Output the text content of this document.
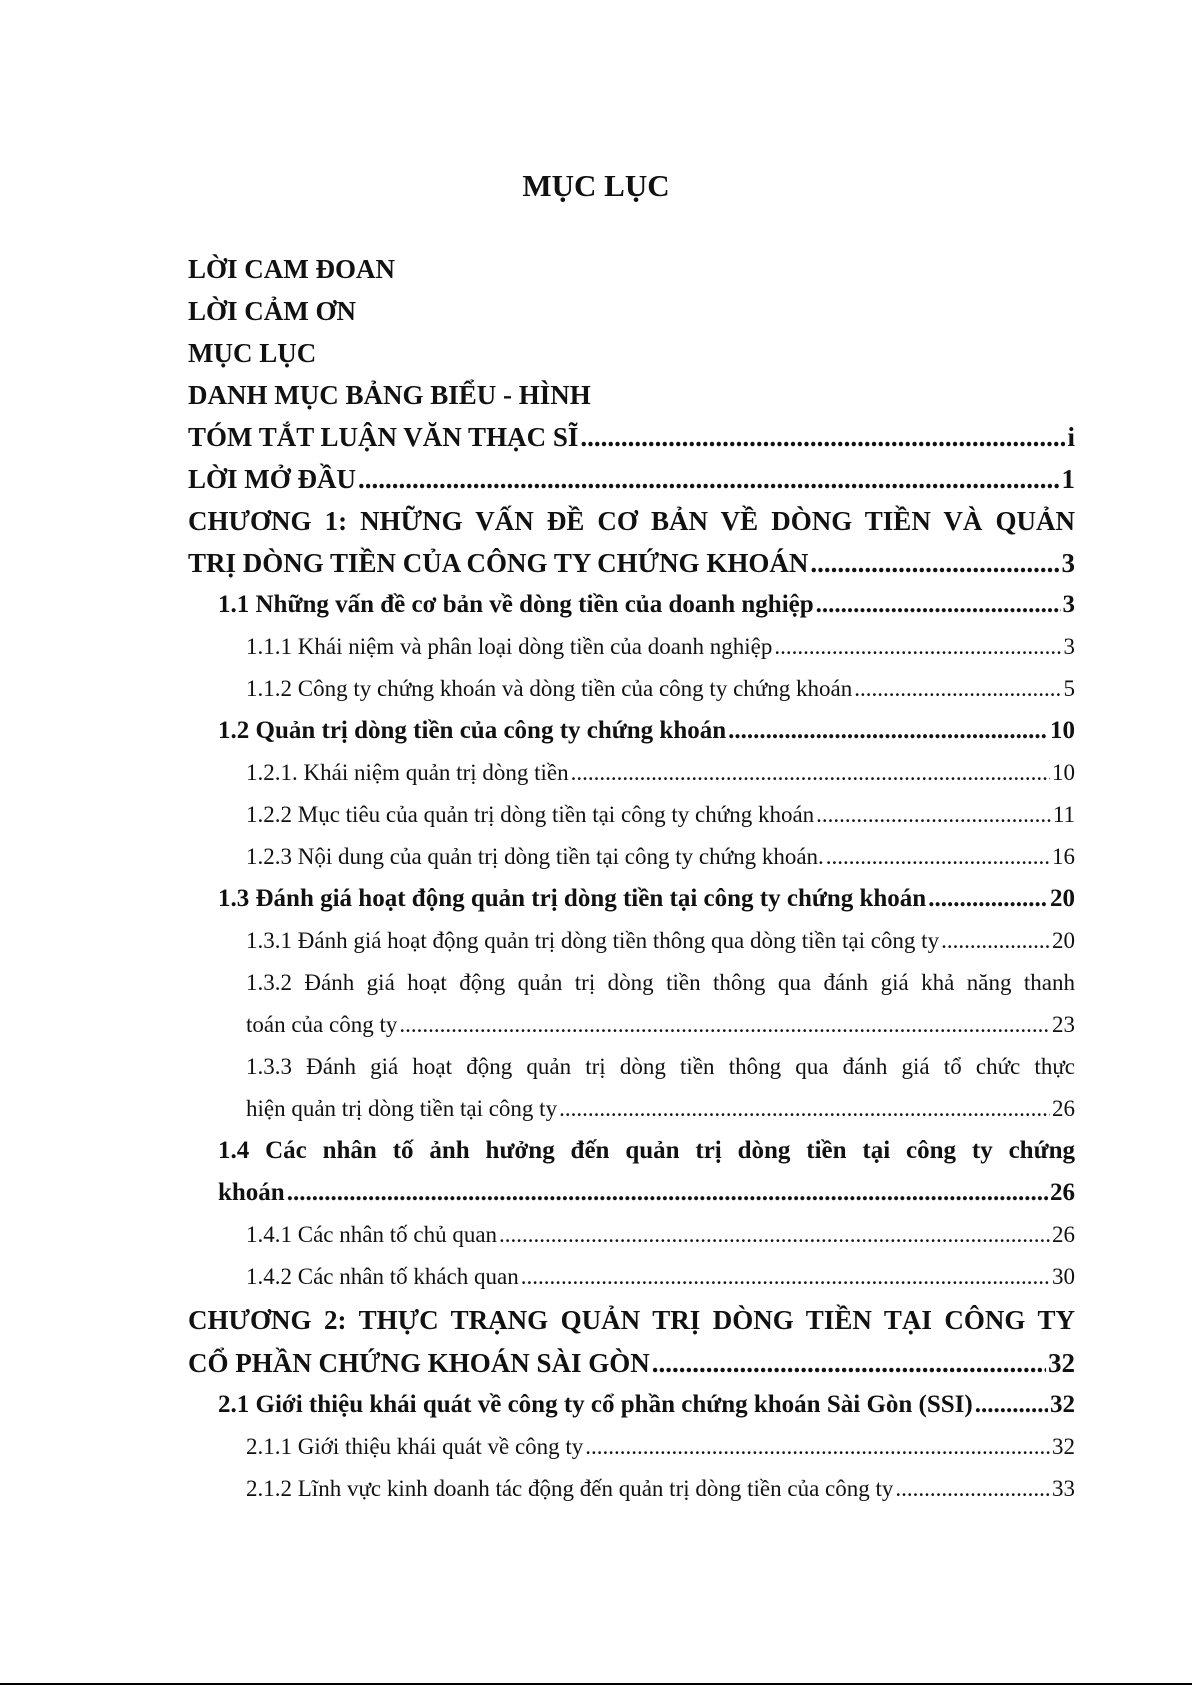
MỤC LỤC
LỜI CAM ĐOAN
LỜI CẢM ƠN
MỤC LỤC
DANH MỤC BẢNG BIỂU - HÌNH
TÓM TẮT LUẬN VĂN THẠC SĨ .....	i
LỜI MỞ ĐẦU .....	1
CHƯƠNG 1: NHỮNG VẤN ĐỀ CƠ BẢN VỀ DÒNG TIỀN VÀ QUẢN
TRỊ DÒNG TIỀN CỦA CÔNG TY CHỨNG KHOÁN .....	3
1.1 Những vấn đề cơ bản về dòng tiền của doanh nghiệp .....	3
1.1.1 Khái niệm và phân loại dòng tiền của doanh nghiệp .....	3
1.1.2 Công ty chứng khoán và dòng tiền của công ty chứng khoán .....	5
1.2 Quản trị dòng tiền của công ty chứng khoán .....	10
1.2.1. Khái niệm quản trị dòng tiền .....	10
1.2.2 Mục tiêu của quản trị dòng tiền tại công ty chứng khoán .....	11
1.2.3 Nội dung của quản trị dòng tiền tại công ty chứng khoán. .....	16
1.3 Đánh giá hoạt động quản trị dòng tiền tại công ty chứng khoán .....	20
1.3.1 Đánh giá hoạt động quản trị dòng tiền thông qua dòng tiền tại công ty .....	20
1.3.2 Đánh giá hoạt động quản trị dòng tiền thông qua đánh giá khả năng thanh
toán của công ty .....	23
1.3.3 Đánh giá hoạt động quản trị dòng tiền thông qua đánh giá tổ chức thực
hiện quản trị dòng tiền tại công ty .....	26
1.4 Các nhân tố ảnh hưởng đến quản trị dòng tiền tại công ty chứng
khoán .....	26
1.4.1 Các nhân tố chủ quan .....	26
1.4.2 Các nhân tố khách quan .....	30
CHƯƠNG 2: THỰC TRẠNG QUẢN TRỊ DÒNG TIỀN TẠI CÔNG TY
CỔ PHẦN CHỨNG KHOÁN SÀI GÒN .....	32
2.1 Giới thiệu khái quát về công ty cổ phần chứng khoán Sài Gòn (SSI) .....	32
2.1.1 Giới thiệu khái quát về công ty .....	32
2.1.2 Lĩnh vực kinh doanh tác động đến quản trị dòng tiền của công ty .....	33
